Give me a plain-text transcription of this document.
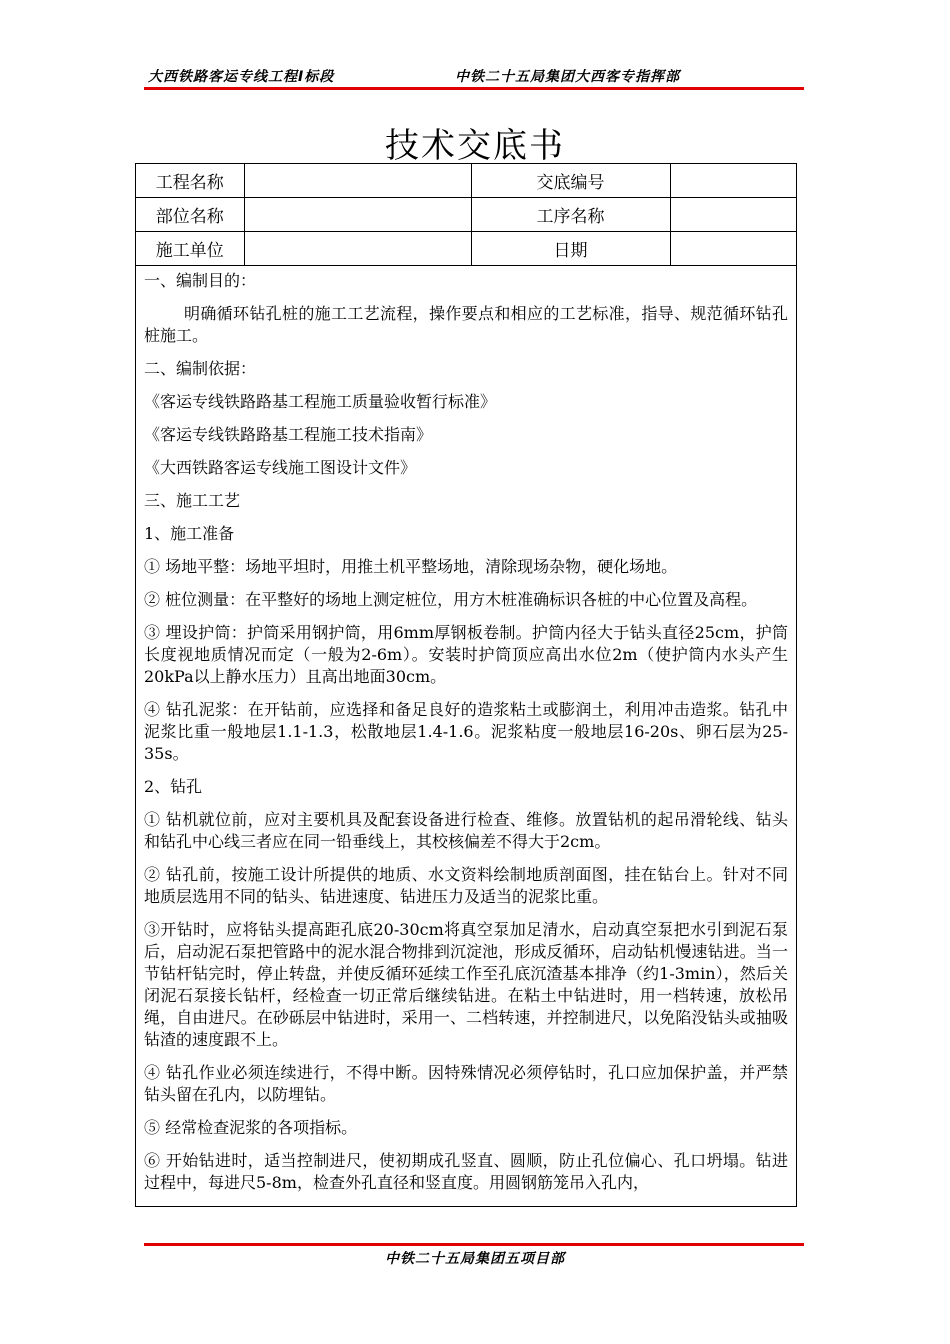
大西铁路客运专线工程Ⅰ标段	中铁二十五局集团大西客专指挥部
技术交底书
工程名称		交底编号	
部位名称		工序名称	
施工单位		日期	

一、编制目的：

明确循环钻孔桩的施工工艺流程，操作要点和相应的工艺标准，指导、规范循环钻孔桩施工。

二、编制依据：

《客运专线铁路路基工程施工质量验收暂行标准》

《客运专线铁路路基工程施工技术指南》

《大西铁路客运专线施工图设计文件》

三、施工工艺

1、施工准备

① 场地平整：场地平坦时，用推土机平整场地，清除现场杂物，硬化场地。

② 桩位测量：在平整好的场地上测定桩位，用方木桩准确标识各桩的中心位置及高程。

③ 埋设护筒：护筒采用钢护筒，用6mm厚钢板卷制。护筒内径大于钻头直径25cm，护筒长度视地质情况而定（一般为2-6m）。安装时护筒顶应高出水位2m（使护筒内水头产生20kPa以上静水压力）且高出地面30cm。

④ 钻孔泥浆：在开钻前，应选择和备足良好的造浆粘土或膨润土，利用冲击造浆。钻孔中泥浆比重一般地层1.1-1.3，松散地层1.4-1.6。泥浆粘度一般地层16-20s、卵石层为25-35s。

2、钻孔

① 钻机就位前，应对主要机具及配套设备进行检查、维修。放置钻机的起吊滑轮线、钻头和钻孔中心线三者应在同一铅垂线上，其校核偏差不得大于2cm。

② 钻孔前，按施工设计所提供的地质、水文资料绘制地质剖面图，挂在钻台上。针对不同地质层选用不同的钻头、钻进速度、钻进压力及适当的泥浆比重。

③开钻时，应将钻头提高距孔底20-30cm将真空泵加足清水，启动真空泵把水引到泥石泵后，启动泥石泵把管路中的泥水混合物排到沉淀池，形成反循环，启动钻机慢速钻进。当一节钻杆钻完时，停止转盘，并使反循环延续工作至孔底沉渣基本排净（约1-3min），然后关闭泥石泵接长钻杆，经检查一切正常后继续钻进。在粘土中钻进时，用一档转速，放松吊绳，自由进尺。在砂砾层中钻进时，采用一、二档转速，并控制进尺，以免陷没钻头或抽吸钻渣的速度跟不上。

④ 钻孔作业必须连续进行，不得中断。因特殊情况必须停钻时，孔口应加保护盖，并严禁钻头留在孔内，以防埋钻。

⑤ 经常检查泥浆的各项指标。

⑥ 开始钻进时，适当控制进尺，使初期成孔竖直、圆顺，防止孔位偏心、孔口坍塌。钻进过程中，每进尺5-8m，检查外孔直径和竖直度。用圆钢筋笼吊入孔内，

中铁二十五局集团五项目部
